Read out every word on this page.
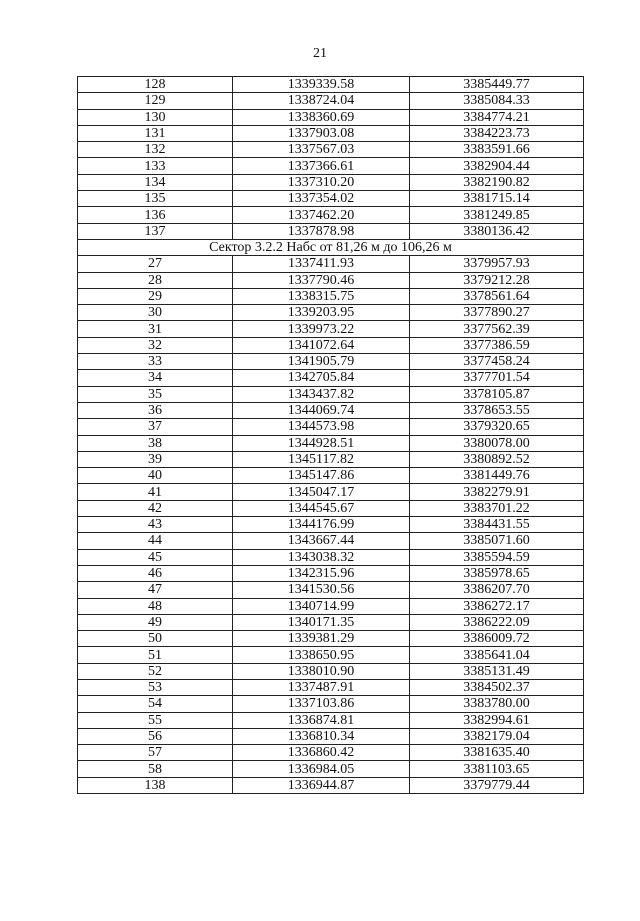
21
128	1339339.58	3385449.77
129	1338724.04	3385084.33
130	1338360.69	3384774.21
131	1337903.08	3384223.73
132	1337567.03	3383591.66
133	1337366.61	3382904.44
134	1337310.20	3382190.82
135	1337354.02	3381715.14
136	1337462.20	3381249.85
137	1337878.98	3380136.42
Сектор 3.2.2 Набс от 81,26 м до 106,26 м		
27	1337411.93	3379957.93
28	1337790.46	3379212.28
29	1338315.75	3378561.64
30	1339203.95	3377890.27
31	1339973.22	3377562.39
32	1341072.64	3377386.59
33	1341905.79	3377458.24
34	1342705.84	3377701.54
35	1343437.82	3378105.87
36	1344069.74	3378653.55
37	1344573.98	3379320.65
38	1344928.51	3380078.00
39	1345117.82	3380892.52
40	1345147.86	3381449.76
41	1345047.17	3382279.91
42	1344545.67	3383701.22
43	1344176.99	3384431.55
44	1343667.44	3385071.60
45	1343038.32	3385594.59
46	1342315.96	3385978.65
47	1341530.56	3386207.70
48	1340714.99	3386272.17
49	1340171.35	3386222.09
50	1339381.29	3386009.72
51	1338650.95	3385641.04
52	1338010.90	3385131.49
53	1337487.91	3384502.37
54	1337103.86	3383780.00
55	1336874.81	3382994.61
56	1336810.34	3382179.04
57	1336860.42	3381635.40
58	1336984.05	3381103.65
138	1336944.87	3379779.44
